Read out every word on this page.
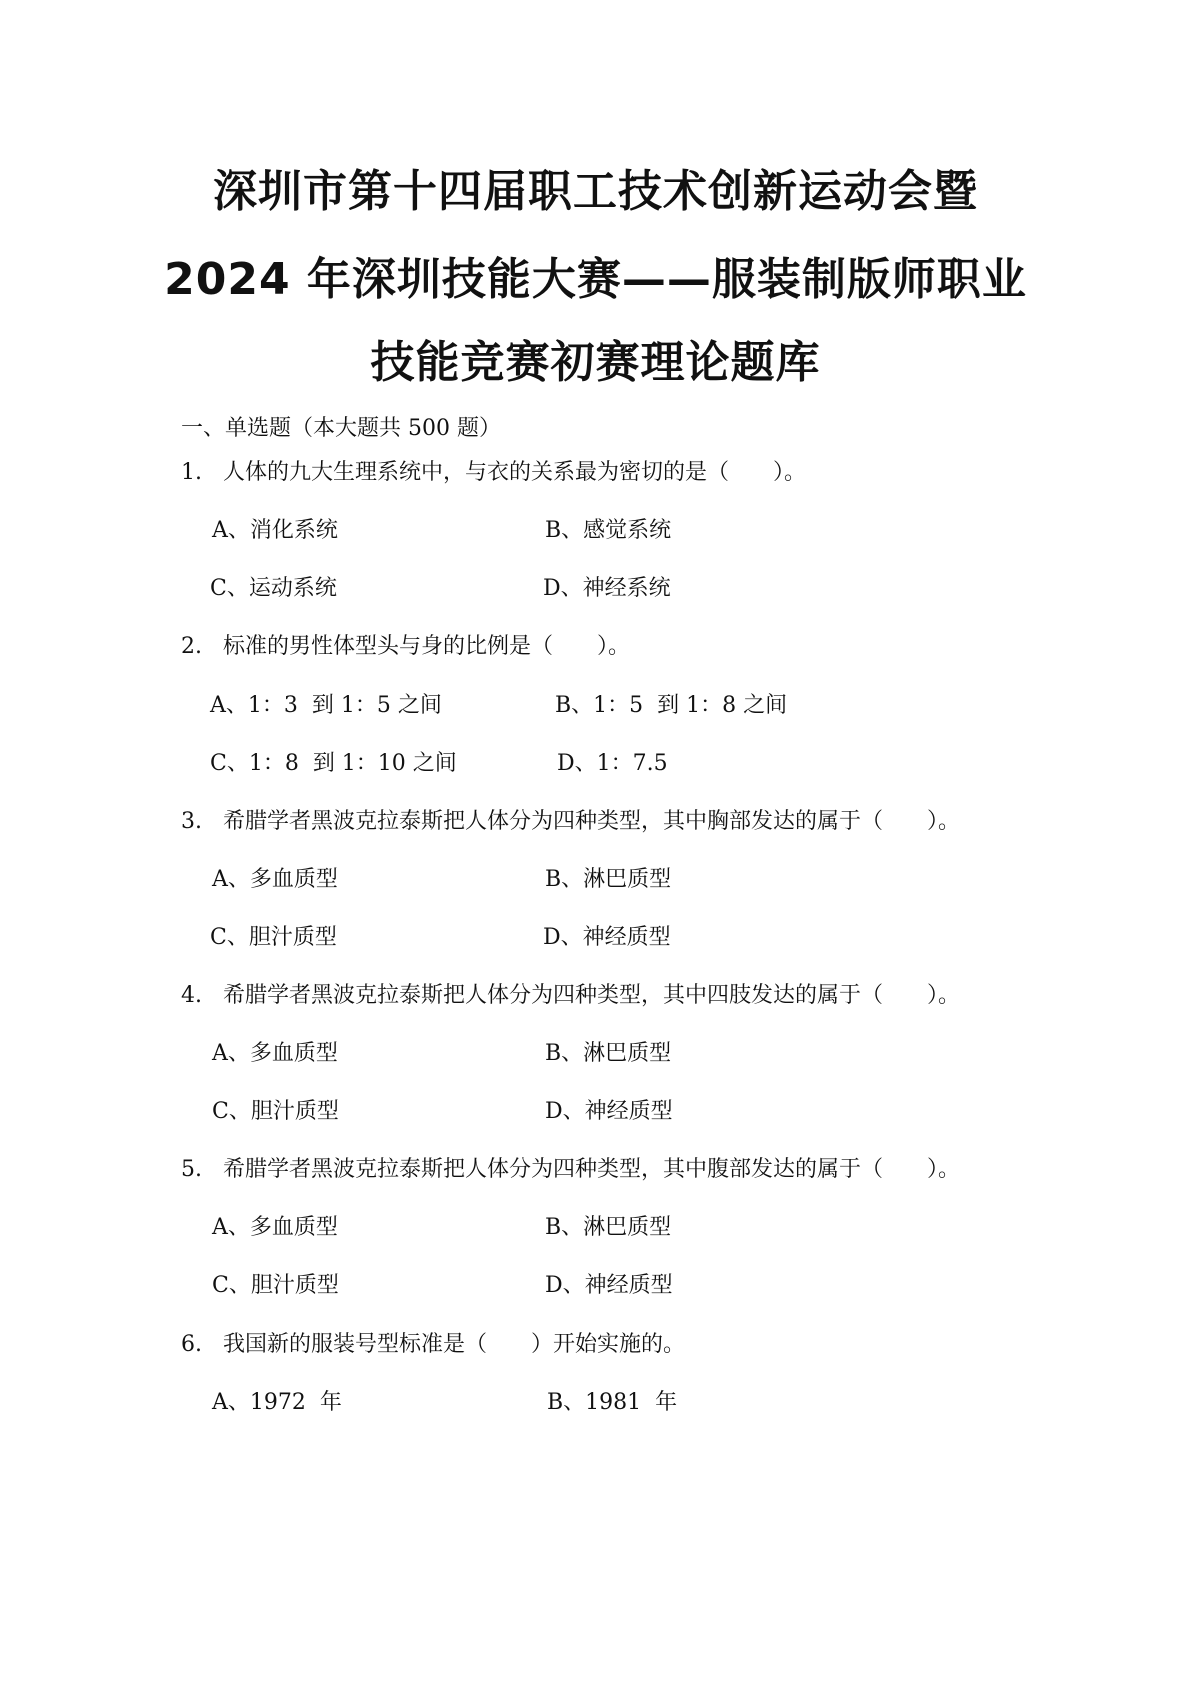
深圳市第十四届职工技术创新运动会暨
2024 年深圳技能大赛——服装制版师职业
技能竞赛初赛理论题库
一、单选题（本大题共 500 题）
1. 人体的九大生理系统中，与衣的关系最为密切的是（　　）。
A、消化系统	B、感觉系统
C、运动系统	D、神经系统
2. 标准的男性体型头与身的比例是（　　）。
A、1：3  到 1：5 之间	B、1：5  到 1：8 之间
C、1：8  到 1：10 之间	D、1：7.5
3. 希腊学者黑波克拉泰斯把人体分为四种类型，其中胸部发达的属于（　　）。
A、多血质型	B、淋巴质型
C、胆汁质型	D、神经质型
4. 希腊学者黑波克拉泰斯把人体分为四种类型，其中四肢发达的属于（　　）。
A、多血质型	B、淋巴质型
C、胆汁质型	D、神经质型
5. 希腊学者黑波克拉泰斯把人体分为四种类型，其中腹部发达的属于（　　）。
A、多血质型	B、淋巴质型
C、胆汁质型	D、神经质型
6. 我国新的服装号型标准是（　　）开始实施的。
A、1972  年	B、1981  年
